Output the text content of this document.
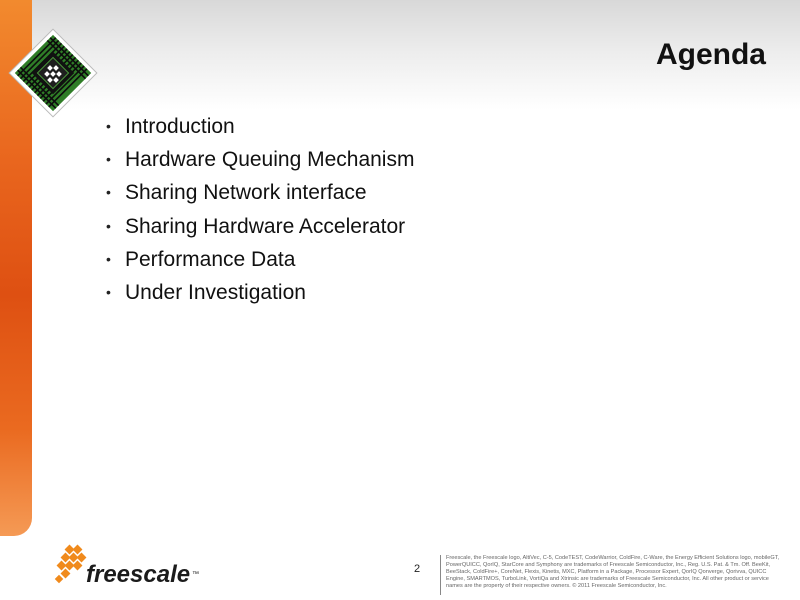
Agenda
• Introduction
• Hardware Queuing Mechanism
• Sharing Network interface
• Sharing Hardware Accelerator
• Performance Data
• Under Investigation
freescale ™	2
Freescale, the Freescale logo, AltiVec, C-5, CodeTEST, CodeWarrior, ColdFire, C-Ware, the Energy Efficient Solutions logo, mobileGT, PowerQUICC, QorIQ, StarCore and Symphony are trademarks of Freescale Semiconductor, Inc., Reg. U.S. Pat. & Tm. Off. BeeKit, BeeStack, ColdFire+, CoreNet, Flexis, Kinetis, MXC, Platform in a Package, Processor Expert, QorIQ Qonverge, Qorivva, QUICC Engine, SMARTMOS, TurboLink, VortiQa and Xtrinsic are trademarks of Freescale Semiconductor, Inc. All other product or service names are the property of their respective owners. © 2011 Freescale Semiconductor, Inc.
